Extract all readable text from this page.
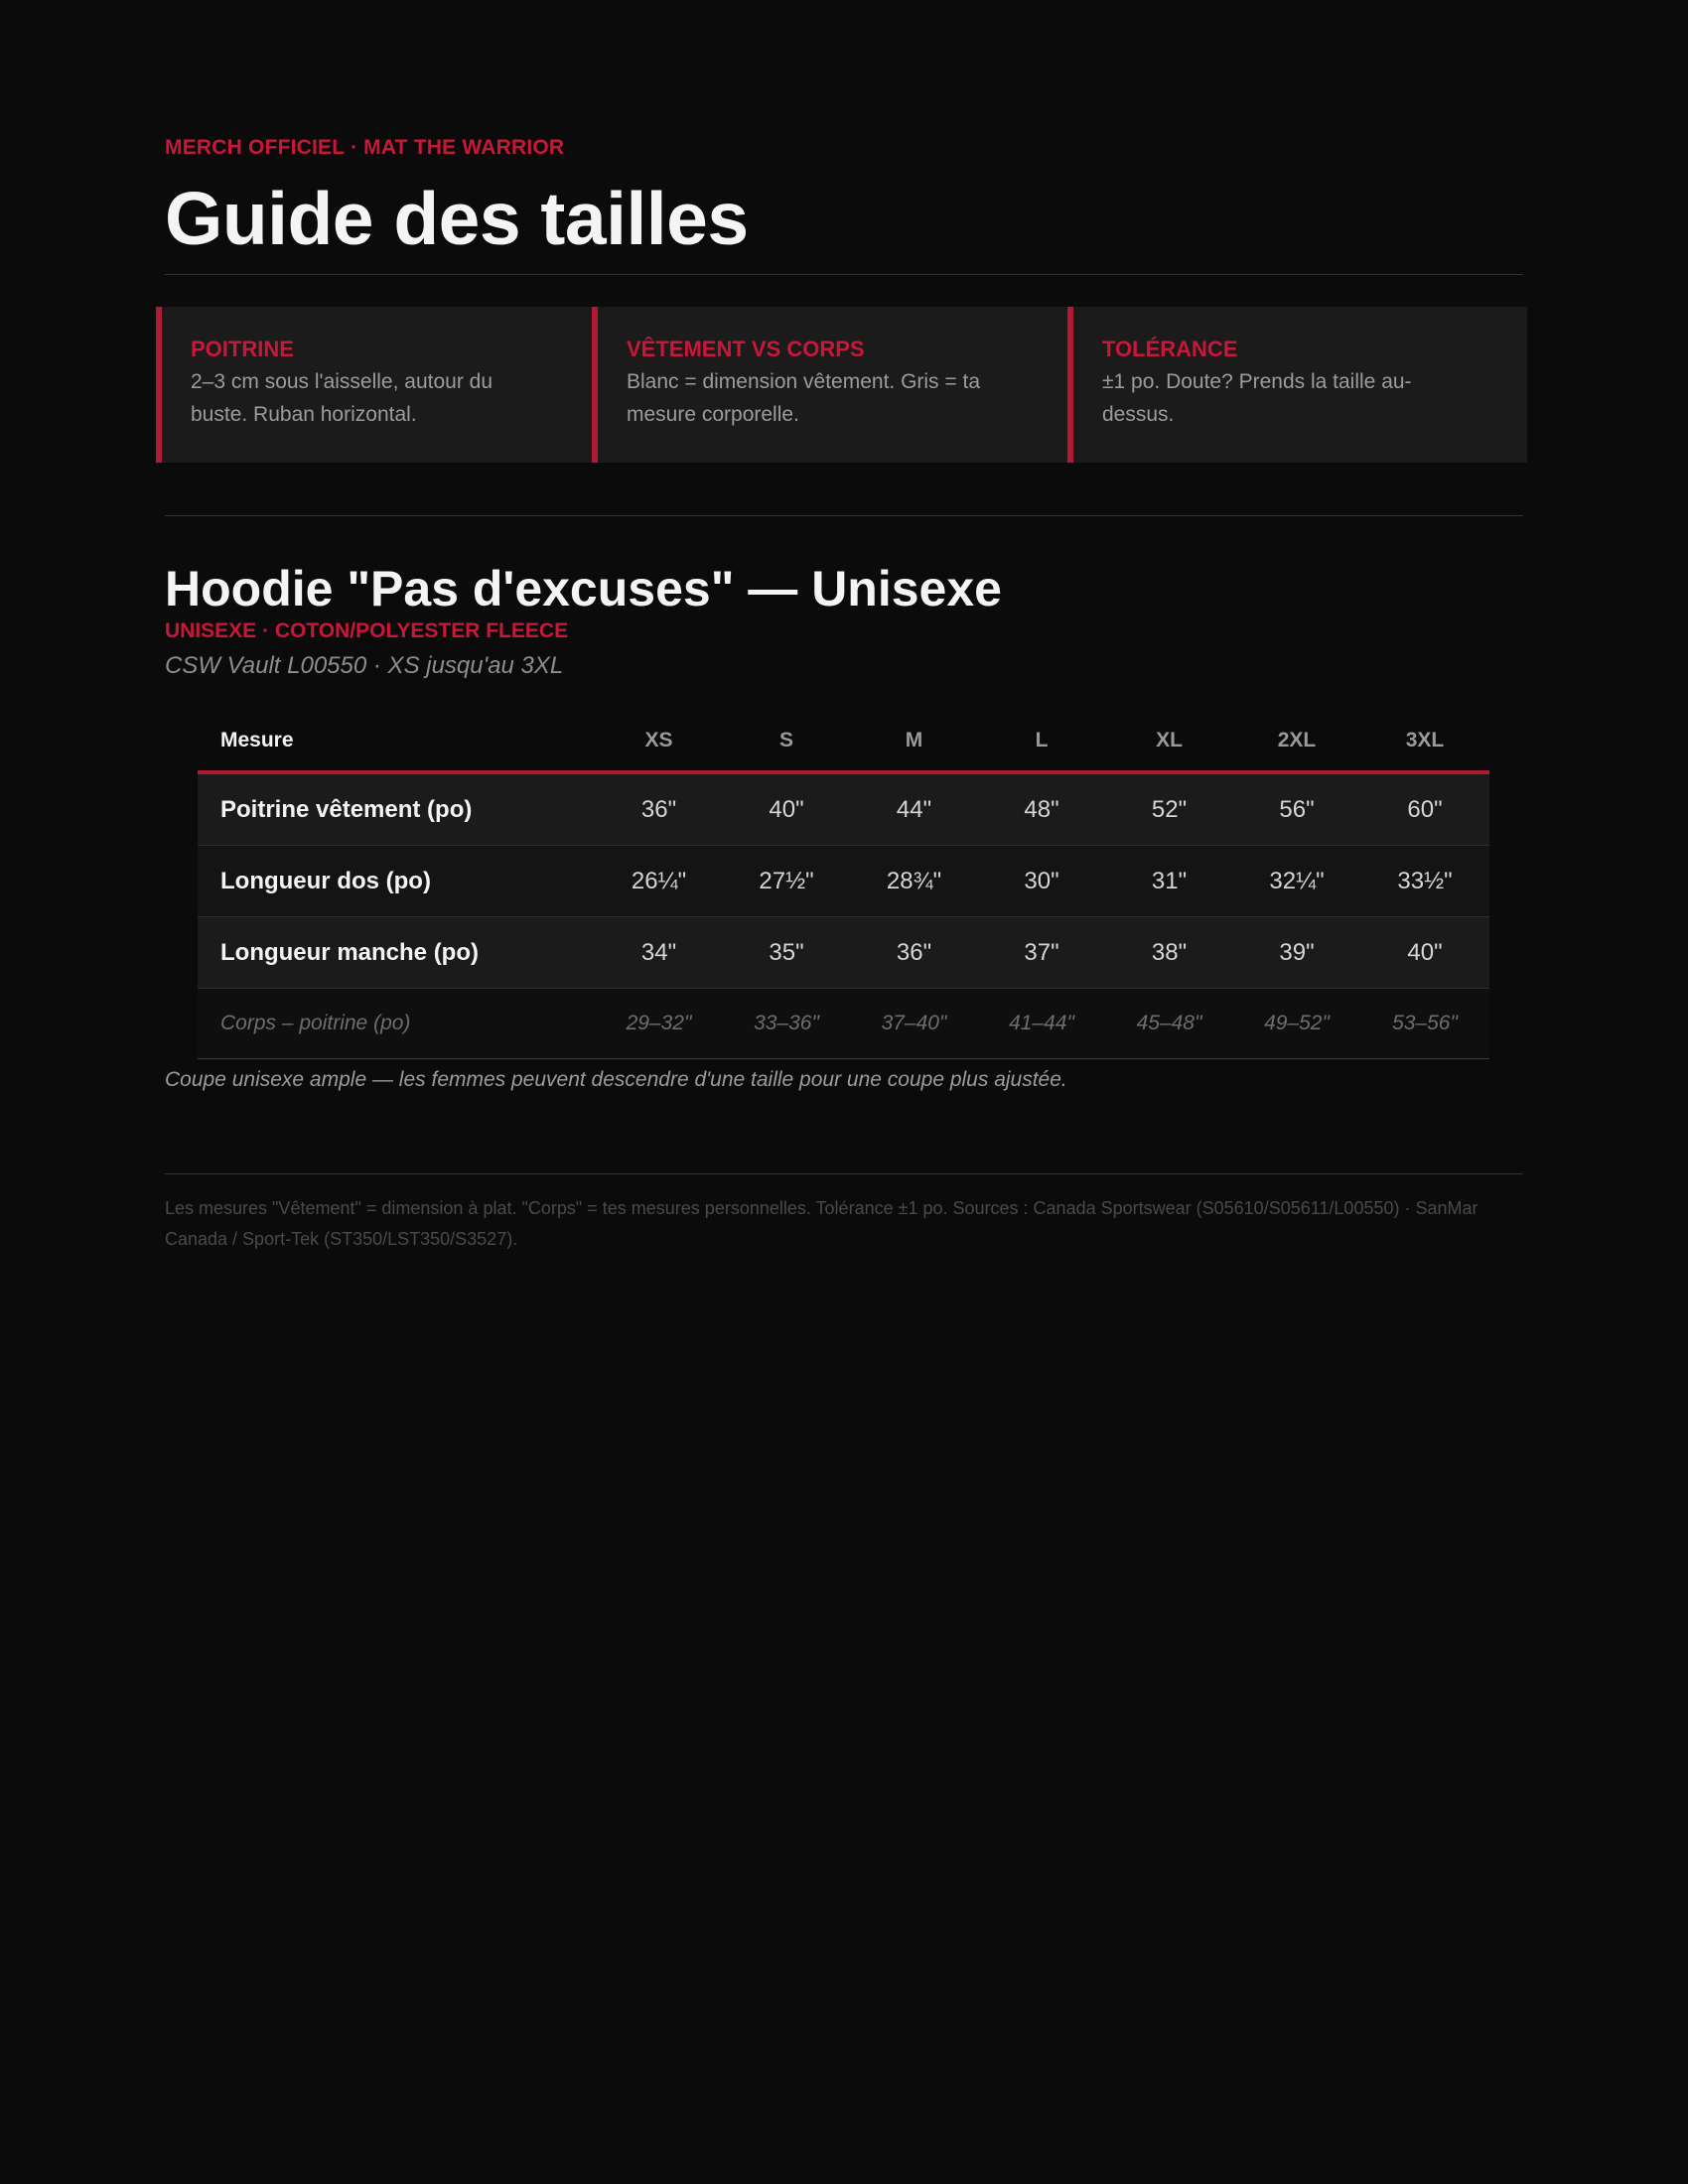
MERCH OFFICIEL · MAT THE WARRIOR
Guide des tailles
POITRINE
2–3 cm sous l'aisselle, autour du buste. Ruban horizontal.
VÊTEMENT VS CORPS
Blanc = dimension vêtement. Gris = ta mesure corporelle.
TOLÉRANCE
±1 po. Doute? Prends la taille au-dessus.
Hoodie "Pas d'excuses" — Unisexe
UNISEXE · COTON/POLYESTER FLEECE
CSW Vault L00550 · XS jusqu'au 3XL
Mesure	XS	S	M	L	XL	2XL	3XL
Poitrine vêtement (po)	36"	40"	44"	48"	52"	56"	60"
Longueur dos (po)	26¼"	27½"	28¾"	30"	31"	32¼"	33½"
Longueur manche (po)	34"	35"	36"	37"	38"	39"	40"
Corps – poitrine (po)	29–32"	33–36"	37–40"	41–44"	45–48"	49–52"	53–56"
Coupe unisexe ample — les femmes peuvent descendre d'une taille pour une coupe plus ajustée.
Les mesures "Vêtement" = dimension à plat. "Corps" = tes mesures personnelles. Tolérance ±1 po. Sources : Canada Sportswear (S05610/S05611/L00550) · SanMar Canada / Sport-Tek (ST350/LST350/S3527).
